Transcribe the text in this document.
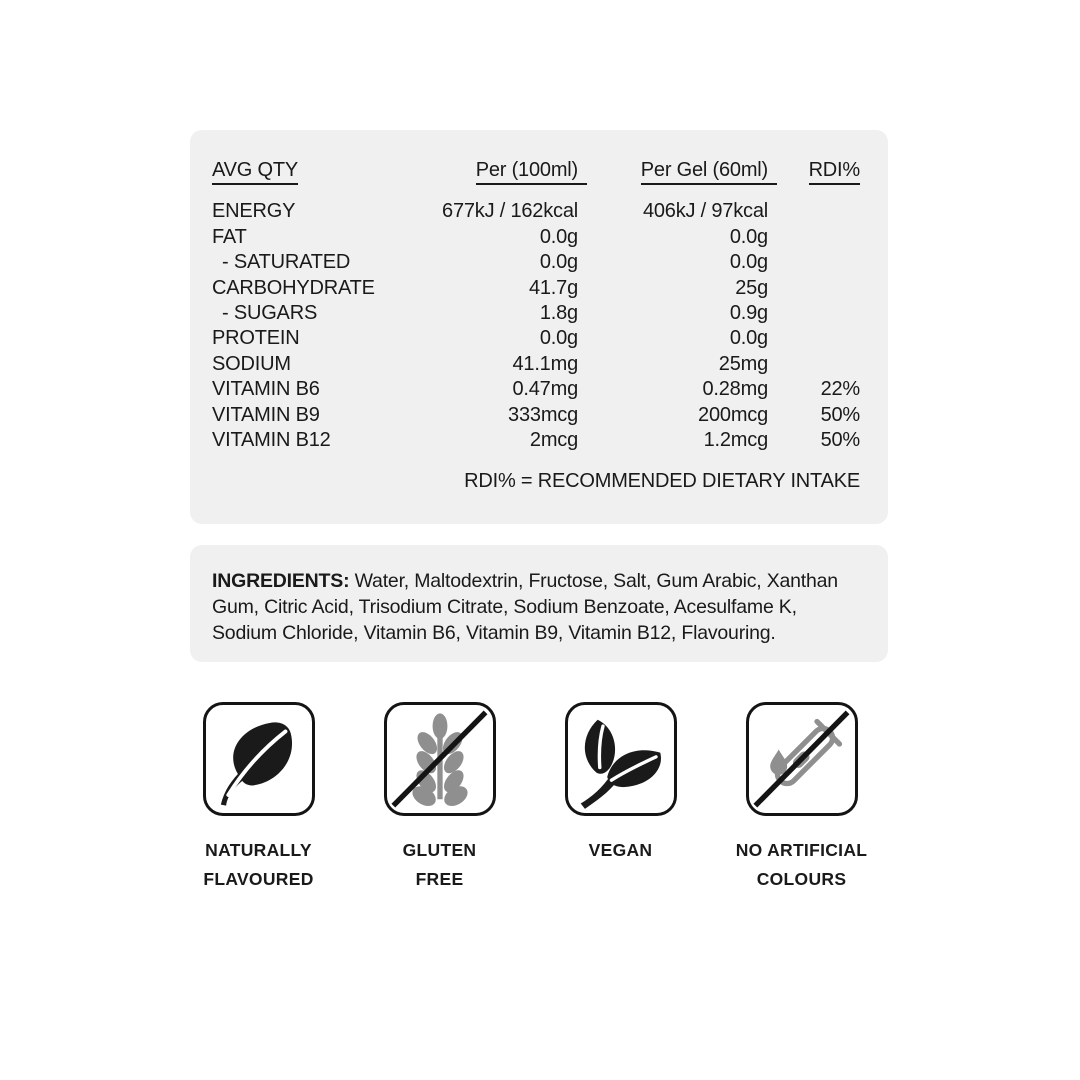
AVG QTY	Per (100ml)	Per Gel (60ml)	RDI%
ENERGY	677kJ / 162kcal	406kJ / 97kcal
FAT	0.0g	0.0g
- SATURATED	0.0g	0.0g
CARBOHYDRATE	41.7g	25g
- SUGARS	1.8g	0.9g
PROTEIN	0.0g	0.0g
SODIUM	41.1mg	25mg
VITAMIN B6	0.47mg	0.28mg	22%
VITAMIN B9	333mcg	200mcg	50%
VITAMIN B12	2mcg	1.2mcg	50%
RDI% = RECOMMENDED DIETARY INTAKE

INGREDIENTS: Water, Maltodextrin, Fructose, Salt, Gum Arabic, Xanthan Gum, Citric Acid, Trisodium Citrate, Sodium Benzoate, Acesulfame K, Sodium Chloride, Vitamin B6, Vitamin B9, Vitamin B12, Flavouring.

NATURALLY
FLAVOURED
GLUTEN
FREE
VEGAN	NO ARTIFICIAL
COLOURS
